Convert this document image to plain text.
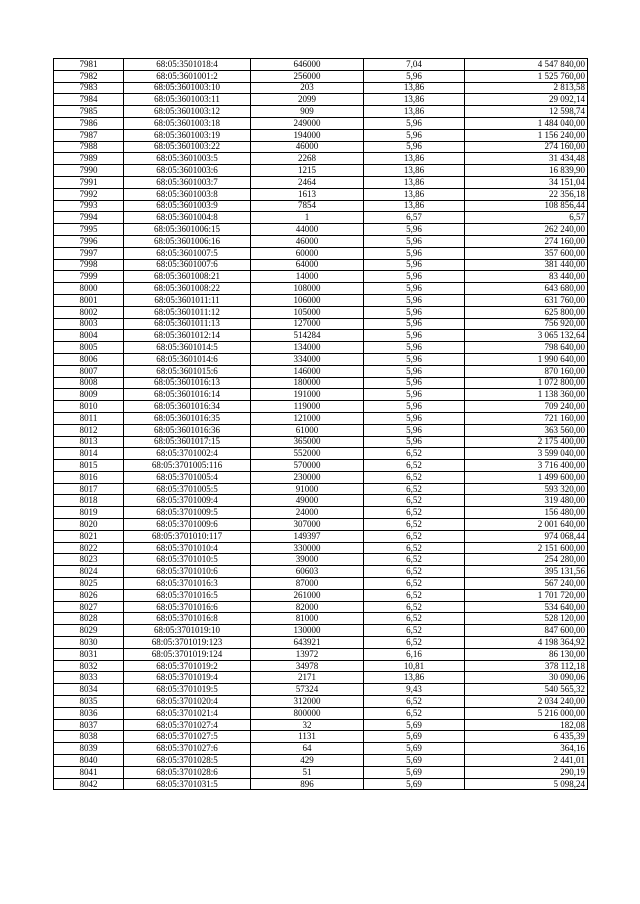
7981	68:05:3501018:4	646000	7,04	4 547 840,00
7982	68:05:3601001:2	256000	5,96	1 525 760,00
7983	68:05:3601003:10	203	13,86	2 813,58
7984	68:05:3601003:11	2099	13,86	29 092,14
7985	68:05:3601003:12	909	13,86	12 598,74
7986	68:05:3601003:18	249000	5,96	1 484 040,00
7987	68:05:3601003:19	194000	5,96	1 156 240,00
7988	68:05:3601003:22	46000	5,96	274 160,00
7989	68:05:3601003:5	2268	13,86	31 434,48
7990	68:05:3601003:6	1215	13,86	16 839,90
7991	68:05:3601003:7	2464	13,86	34 151,04
7992	68:05:3601003:8	1613	13,86	22 356,18
7993	68:05:3601003:9	7854	13,86	108 856,44
7994	68:05:3601004:8	1	6,57	6,57
7995	68:05:3601006:15	44000	5,96	262 240,00
7996	68:05:3601006:16	46000	5,96	274 160,00
7997	68:05:3601007:5	60000	5,96	357 600,00
7998	68:05:3601007:6	64000	5,96	381 440,00
7999	68:05:3601008:21	14000	5,96	83 440,00
8000	68:05:3601008:22	108000	5,96	643 680,00
8001	68:05:3601011:11	106000	5,96	631 760,00
8002	68:05:3601011:12	105000	5,96	625 800,00
8003	68:05:3601011:13	127000	5,96	756 920,00
8004	68:05:3601012:14	514284	5,96	3 065 132,64
8005	68:05:3601014:5	134000	5,96	798 640,00
8006	68:05:3601014:6	334000	5,96	1 990 640,00
8007	68:05:3601015:6	146000	5,96	870 160,00
8008	68:05:3601016:13	180000	5,96	1 072 800,00
8009	68:05:3601016:14	191000	5,96	1 138 360,00
8010	68:05:3601016:34	119000	5,96	709 240,00
8011	68:05:3601016:35	121000	5,96	721 160,00
8012	68:05:3601016:36	61000	5,96	363 560,00
8013	68:05:3601017:15	365000	5,96	2 175 400,00
8014	68:05:3701002:4	552000	6,52	3 599 040,00
8015	68:05:3701005:116	570000	6,52	3 716 400,00
8016	68:05:3701005:4	230000	6,52	1 499 600,00
8017	68:05:3701005:5	91000	6,52	593 320,00
8018	68:05:3701009:4	49000	6,52	319 480,00
8019	68:05:3701009:5	24000	6,52	156 480,00
8020	68:05:3701009:6	307000	6,52	2 001 640,00
8021	68:05:3701010:117	149397	6,52	974 068,44
8022	68:05:3701010:4	330000	6,52	2 151 600,00
8023	68:05:3701010:5	39000	6,52	254 280,00
8024	68:05:3701010:6	60603	6,52	395 131,56
8025	68:05:3701016:3	87000	6,52	567 240,00
8026	68:05:3701016:5	261000	6,52	1 701 720,00
8027	68:05:3701016:6	82000	6,52	534 640,00
8028	68:05:3701016:8	81000	6,52	528 120,00
8029	68:05:3701019:10	130000	6,52	847 600,00
8030	68:05:3701019:123	643921	6,52	4 198 364,92
8031	68:05:3701019:124	13972	6,16	86 130,00
8032	68:05:3701019:2	34978	10,81	378 112,18
8033	68:05:3701019:4	2171	13,86	30 090,06
8034	68:05:3701019:5	57324	9,43	540 565,32
8035	68:05:3701020:4	312000	6,52	2 034 240,00
8036	68:05:3701021:4	800000	6,52	5 216 000,00
8037	68:05:3701027:4	32	5,69	182,08
8038	68:05:3701027:5	1131	5,69	6 435,39
8039	68:05:3701027:6	64	5,69	364,16
8040	68:05:3701028:5	429	5,69	2 441,01
8041	68:05:3701028:6	51	5,69	290,19
8042	68:05:3701031:5	896	5,69	5 098,24
